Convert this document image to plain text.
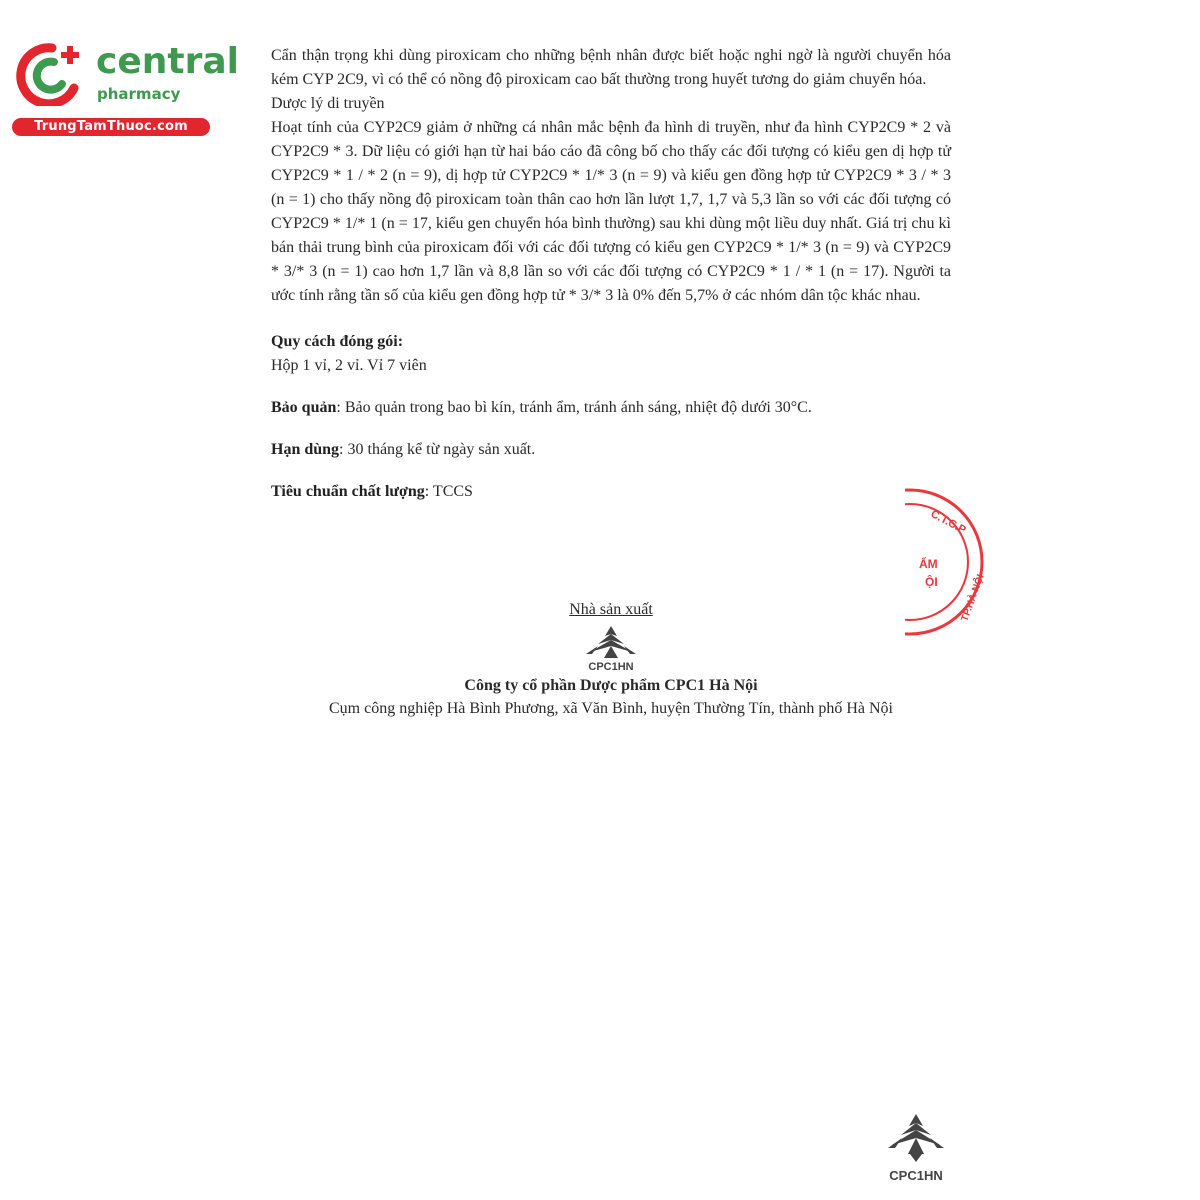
central
pharmacy
TrungTamThuoc.com

Cẩn thận trọng khi dùng piroxicam cho những bệnh nhân được biết hoặc nghi ngờ là người chuyển hóa kém CYP 2C9, vì có thể có nồng độ piroxicam cao bất thường trong huyết tương do giảm chuyển hóa.

Dược lý di truyền

Hoạt tính của CYP2C9 giảm ở những cá nhân mắc bệnh đa hình di truyền, như đa hình CYP2C9 * 2 và CYP2C9 * 3. Dữ liệu có giới hạn từ hai báo cáo đã công bố cho thấy các đối tượng có kiểu gen dị hợp tử CYP2C9 * 1 / * 2 (n = 9), dị hợp tử CYP2C9 * 1/* 3 (n = 9) và kiểu gen đồng hợp tử CYP2C9 * 3 / * 3 (n = 1) cho thấy nồng độ piroxicam toàn thân cao hơn lần lượt 1,7, 1,7 và 5,3 lần so với các đối tượng có CYP2C9 * 1/* 1 (n = 17, kiểu gen chuyển hóa bình thường) sau khi dùng một liều duy nhất. Giá trị chu kì bán thải trung bình của piroxicam đối với các đối tượng có kiểu gen CYP2C9 * 1/* 3 (n = 9) và CYP2C9 * 3/* 3 (n = 1) cao hơn 1,7 lần và 8,8 lần so với các đối tượng có CYP2C9 * 1 / * 1 (n = 17). Người ta ước tính rằng tần số của kiểu gen đồng hợp tử * 3/* 3 là 0% đến 5,7% ở các nhóm dân tộc khác nhau.

Quy cách đóng gói:

Hộp 1 vỉ, 2 vỉ. Vỉ 7 viên

Bảo quản: Bảo quản trong bao bì kín, tránh ẩm, tránh ánh sáng, nhiệt độ dưới 30°C.

Hạn dùng: 30 tháng kể từ ngày sản xuất.

Tiêu chuẩn chất lượng: TCCS

Nhà sản xuất
CPC1HN
Công ty cổ phần Dược phẩm CPC1 Hà Nội
Cụm công nghiệp Hà Bình Phương, xã Văn Bình, huyện Thường Tín, thành phố Hà Nội
C.T.C.P
ẨM
ỘI TP.HÀ NỘI
CPC1HN
